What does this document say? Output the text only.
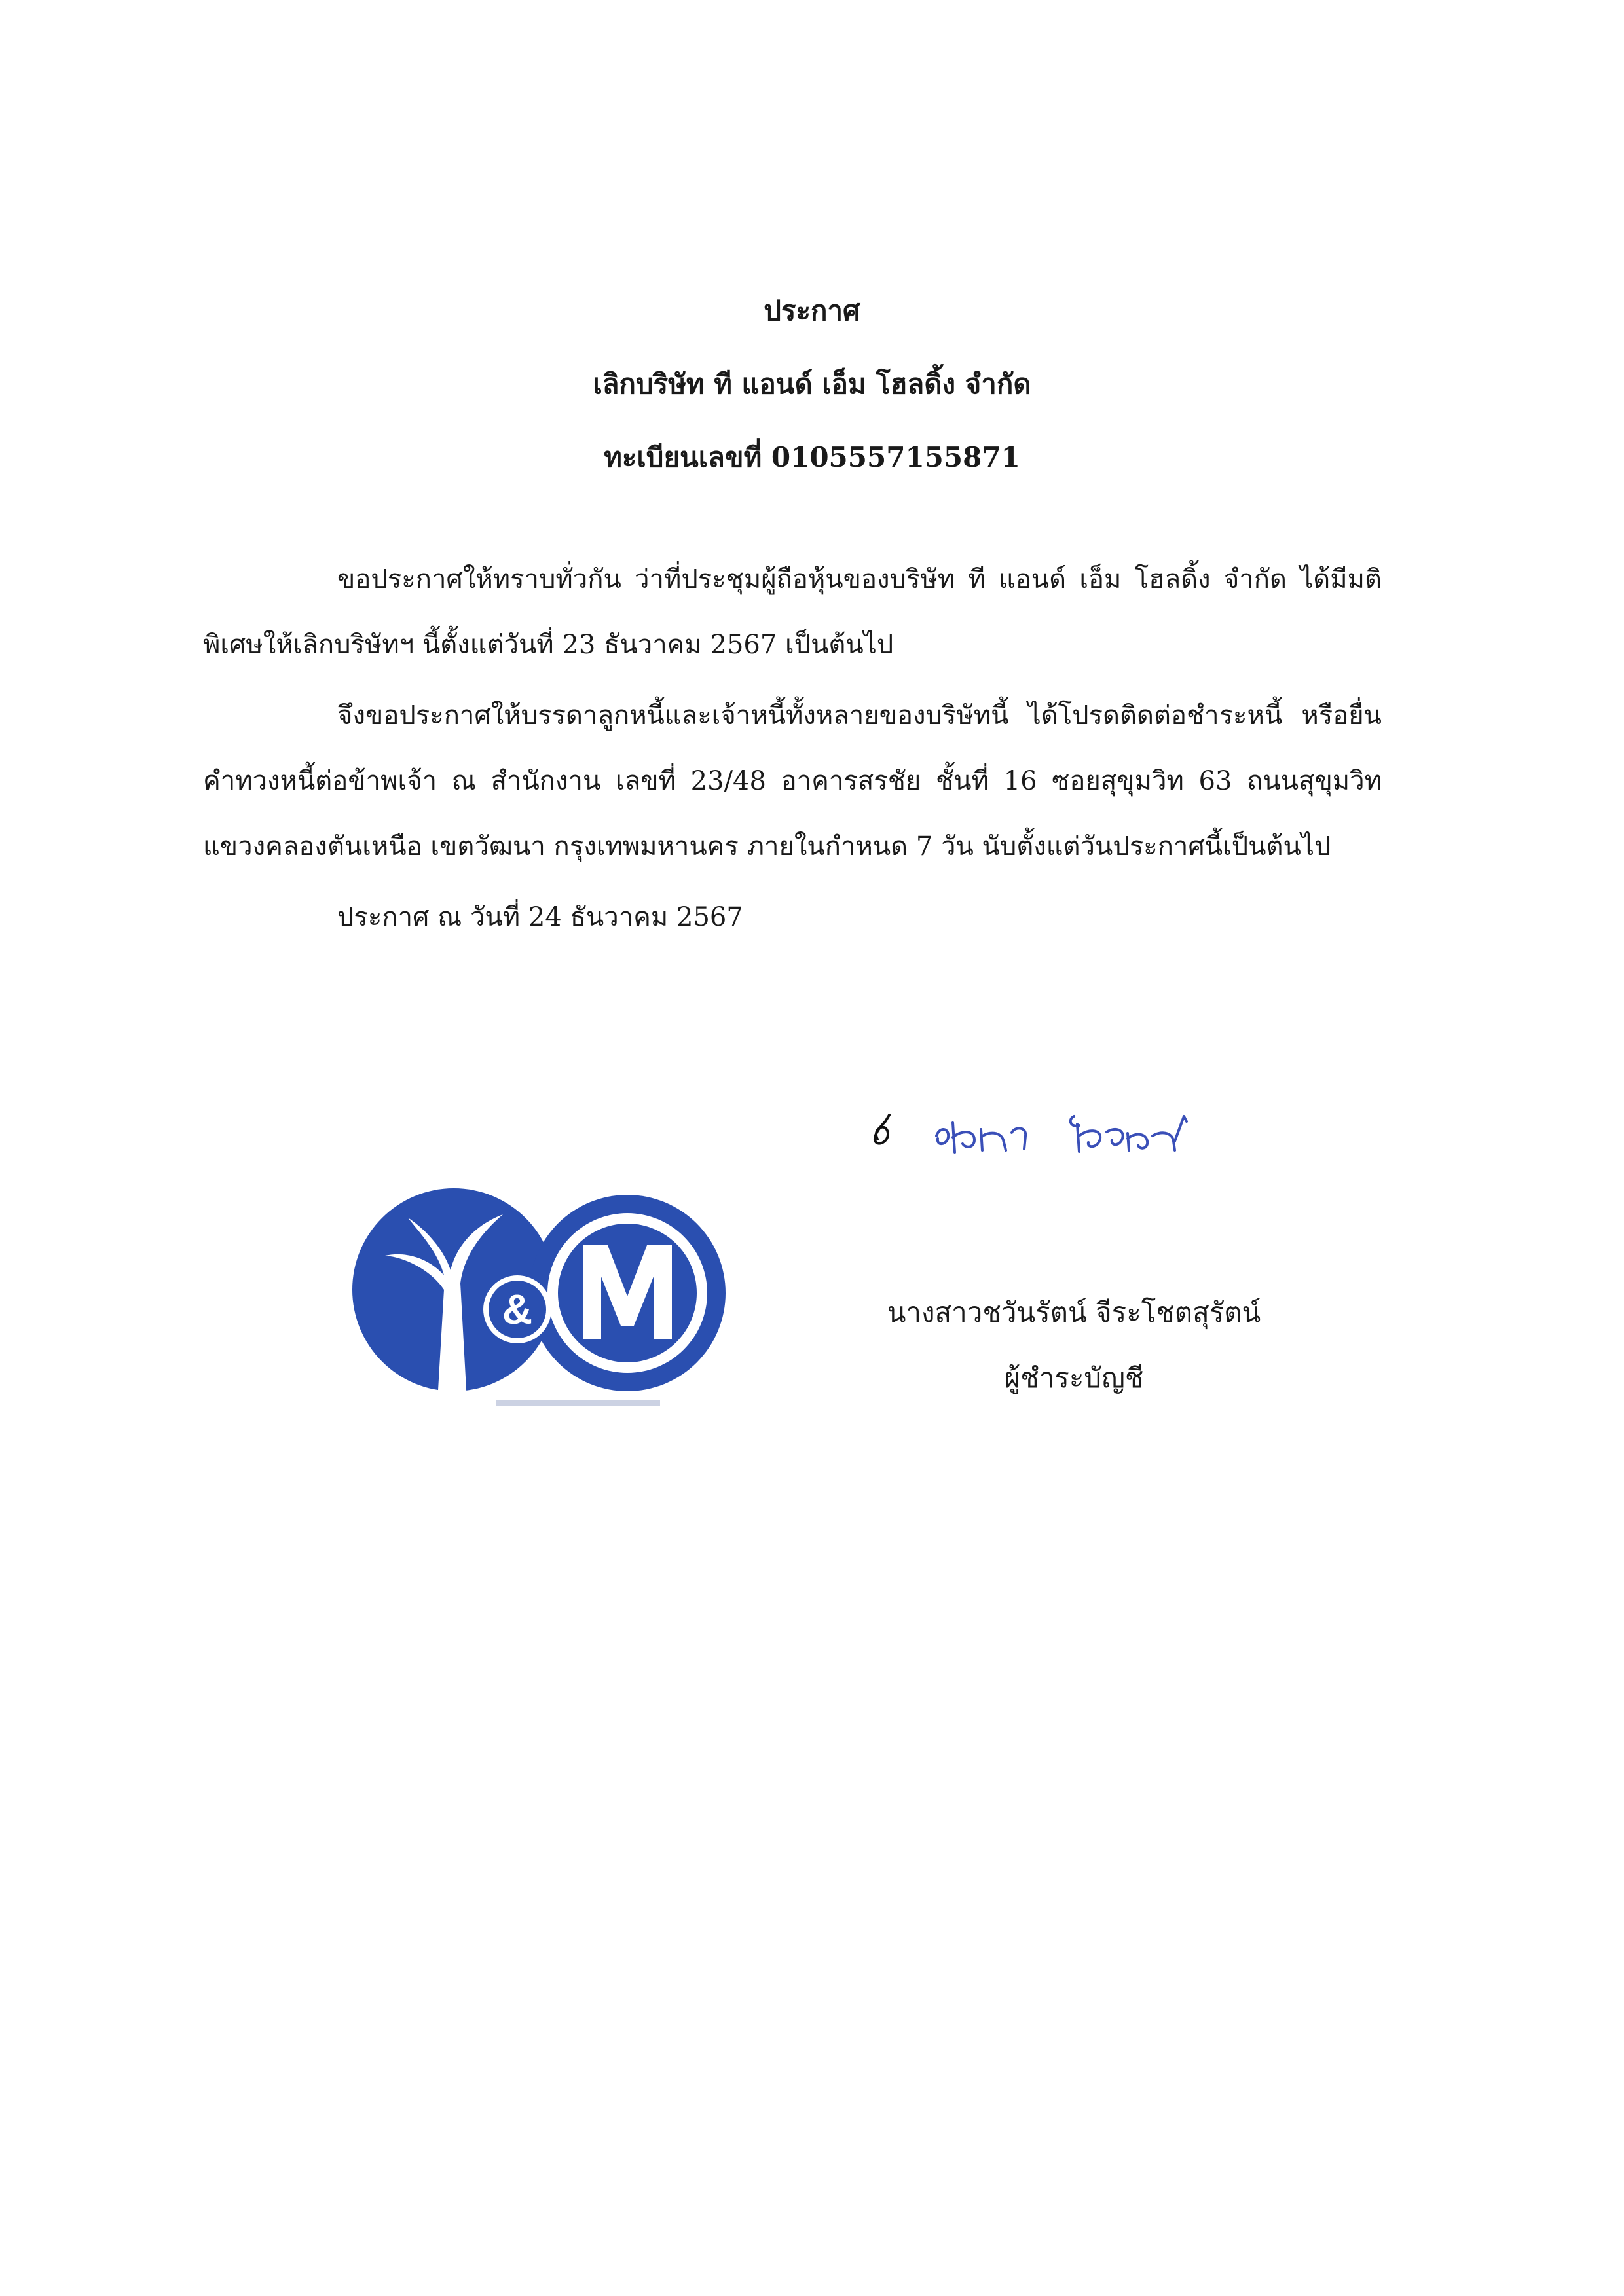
ประกาศ
เลิกบริษัท ที แอนด์ เอ็ม โฮลดิ้ง จำกัด
ทะเบียนเลขที่ 0105557155871

ขอประกาศให้ทราบทั่วกัน ว่าที่ประชุมผู้ถือหุ้นของบริษัท ที แอนด์ เอ็ม โฮลดิ้ง จำกัด ได้มีมติพิเศษให้เลิกบริษัทฯ นี้ตั้งแต่วันที่ 23 ธันวาคม 2567 เป็นต้นไป

จึงขอประกาศให้บรรดาลูกหนี้และเจ้าหนี้ทั้งหลายของบริษัทนี้ ได้โปรดติดต่อชำระหนี้ หรือยื่นคำทวงหนี้ต่อข้าพเจ้า ณ สำนักงาน เลขที่ 23/48 อาคารสรชัย ชั้นที่ 16 ซอยสุขุมวิท 63 ถนนสุขุมวิท แขวงคลองตันเหนือ เขตวัฒนา กรุงเทพมหานคร ภายในกำหนด 7 วัน นับตั้งแต่วันประกาศนี้เป็นต้นไป

ประกาศ ณ วันที่ 24 ธันวาคม 2567

&	นางสาวชวันรัตน์ จีระโชตสุรัตน์
ผู้ชำระบัญชี
